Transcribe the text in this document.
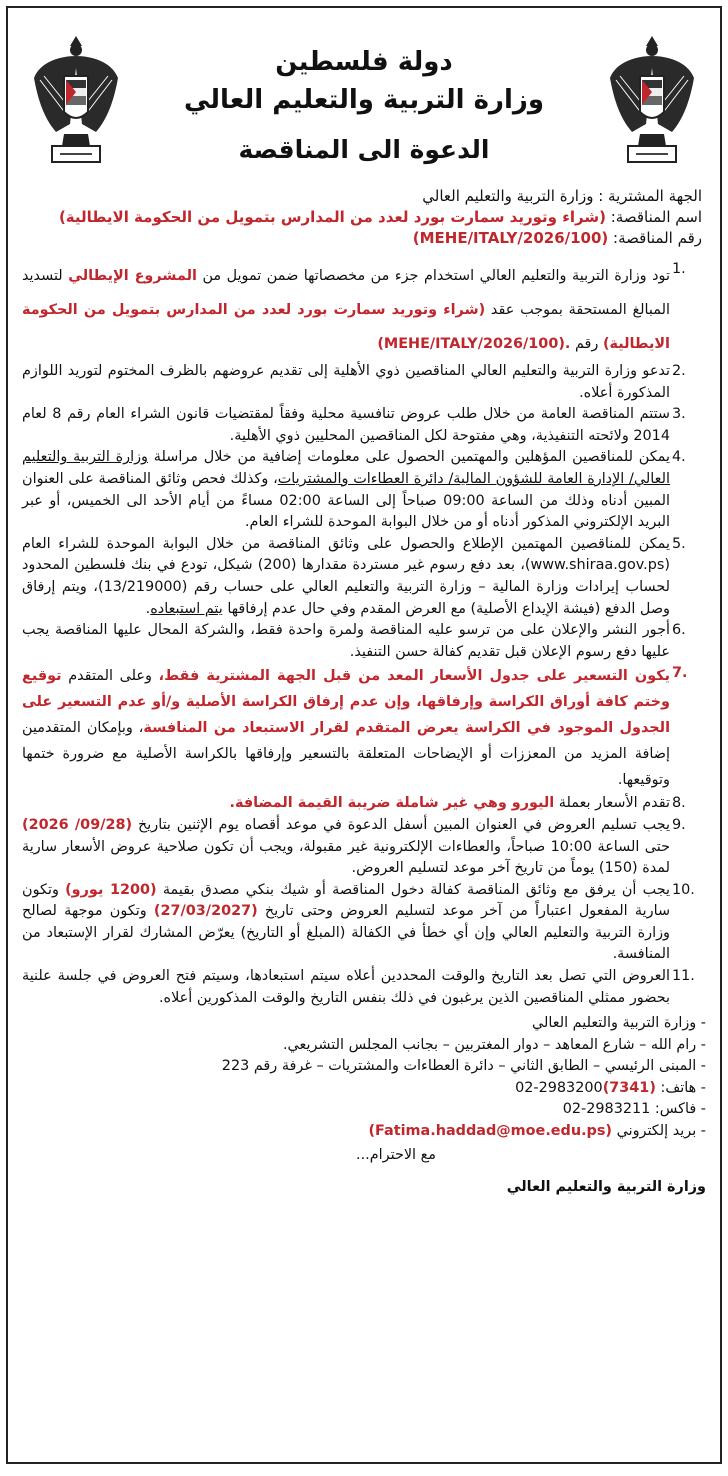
دولة فلسطين
وزارة التربية والتعليم العالي
الدعوة الى المناقصة
الجهة المشترية : وزارة التربية والتعليم العالي
اسم المناقصة: (شراء وتوريد سمارت بورد لعدد من المدارس بتمويل من الحكومة الايطالية)
رقم المناقصة: (MEHE/ITALY/2026/100)
1.
تود وزارة التربية والتعليم العالي استخدام جزء من مخصصاتها ضمن تمويل من المشروع الإيطالي لتسديد المبالغ المستحقة بموجب عقد (شراء وتوريد سمارت بورد لعدد من المدارس بتمويل من الحكومة الايطالية) رقم (MEHE/ITALY/2026/100).
2.
تدعو وزارة التربية والتعليم العالي المناقصين ذوي الأهلية إلى تقديم عروضهم بالظرف المختوم لتوريد اللوازم المذكورة أعلاه.
3.
ستتم المناقصة العامة من خلال طلب عروض تنافسية محلية وفقاً لمقتضيات قانون الشراء العام رقم 8 لعام 2014 ولائحته التنفيذية، وهي مفتوحة لكل المناقصين المحليين ذوي الأهلية.
4.
يمكن للمناقصين المؤهلين والمهتمين الحصول على معلومات إضافية من خلال مراسلة وزارة التربية والتعليم العالي/ الإدارة العامة للشؤون المالية/ دائرة العطاءات والمشتريات، وكذلك فحص وثائق المناقصة على العنوان المبين أدناه وذلك من الساعة 09:00 صباحاً إلى الساعة 02:00 مساءً من أيام الأحد الى الخميس، أو عبر البريد الإلكتروني المذكور أدناه أو من خلال البوابة الموحدة للشراء العام.
5.
يمكن للمناقصين المهتمين الإطلاع والحصول على وثائق المناقصة من خلال البوابة الموحدة للشراء العام (www.shiraa.gov.ps)، بعد دفع رسوم غير مستردة مقدارها (200) شيكل، تودع في بنك فلسطين المحدود لحساب إيرادات وزارة المالية – وزارة التربية والتعليم العالي على حساب رقم (13/219000)، ويتم إرفاق وصل الدفع (فيشة الإيداع الأصلية) مع العرض المقدم وفي حال عدم إرفاقها يتم استبعاده.
6.
أجور النشر والإعلان على من ترسو عليه المناقصة ولمرة واحدة فقط، والشركة المحال عليها المناقصة يجب عليها دفع رسوم الإعلان قبل تقديم كفالة حسن التنفيذ.
7.
يكون التسعير على جدول الأسعار المعد من قبل الجهة المشترية فقط، وعلى المتقدم توقيع وختم كافة أوراق الكراسة وإرفاقها، وإن عدم إرفاق الكراسة الأصلية و/أو عدم التسعير على الجدول الموجود في الكراسة يعرض المتقدم لقرار الاستبعاد من المنافسة، وبإمكان المتقدمين إضافة المزيد من المعززات أو الإيضاحات المتعلقة بالتسعير وإرفاقها بالكراسة الأصلية مع ضرورة ختمها وتوقيعها.
8.
تقدم الأسعار بعملة اليورو وهي غير شاملة ضريبة القيمة المضافة.
9.
يجب تسليم العروض في العنوان المبين أسفل الدعوة في موعد أقصاه يوم الإثنين بتاريخ (2026 /09/28) حتى الساعة 10:00 صباحاً، والعطاءات الإلكترونية غير مقبولة، ويجب أن تكون صلاحية عروض الأسعار سارية لمدة (150) يوماً من تاريخ آخر موعد لتسليم العروض.
10.
يجب أن يرفق مع وثائق المناقصة كفالة دخول المناقصة أو شيك بنكي مصدق بقيمة (1200 يورو) وتكون سارية المفعول اعتباراً من آخر موعد لتسليم العروض وحتى تاريخ (27/03/2027) وتكون موجهة لصالح وزارة التربية والتعليم العالي وإن أي خطأ في الكفالة (المبلغ أو التاريخ) يعرّض المشارك لقرار الإستبعاد من المنافسة.
11.
العروض التي تصل بعد التاريخ والوقت المحددين أعلاه سيتم استبعادها، وسيتم فتح العروض في جلسة علنية بحضور ممثلي المناقصين الذين يرغبون في ذلك بنفس التاريخ والوقت المذكورين أعلاه.
- وزارة التربية والتعليم العالي
- رام الله – شارع المعاهد – دوار المغتربين – بجانب المجلس التشريعي.
- المبنى الرئيسي – الطابق الثاني – دائرة العطاءات والمشتريات – غرفة رقم 223
- هاتف: 02-2983200(7341)
- فاكس: 02-2983211
- بريد إلكتروني (Fatima.haddad@moe.edu.ps)
مع الاحترام...
وزارة التربية والتعليم العالي
